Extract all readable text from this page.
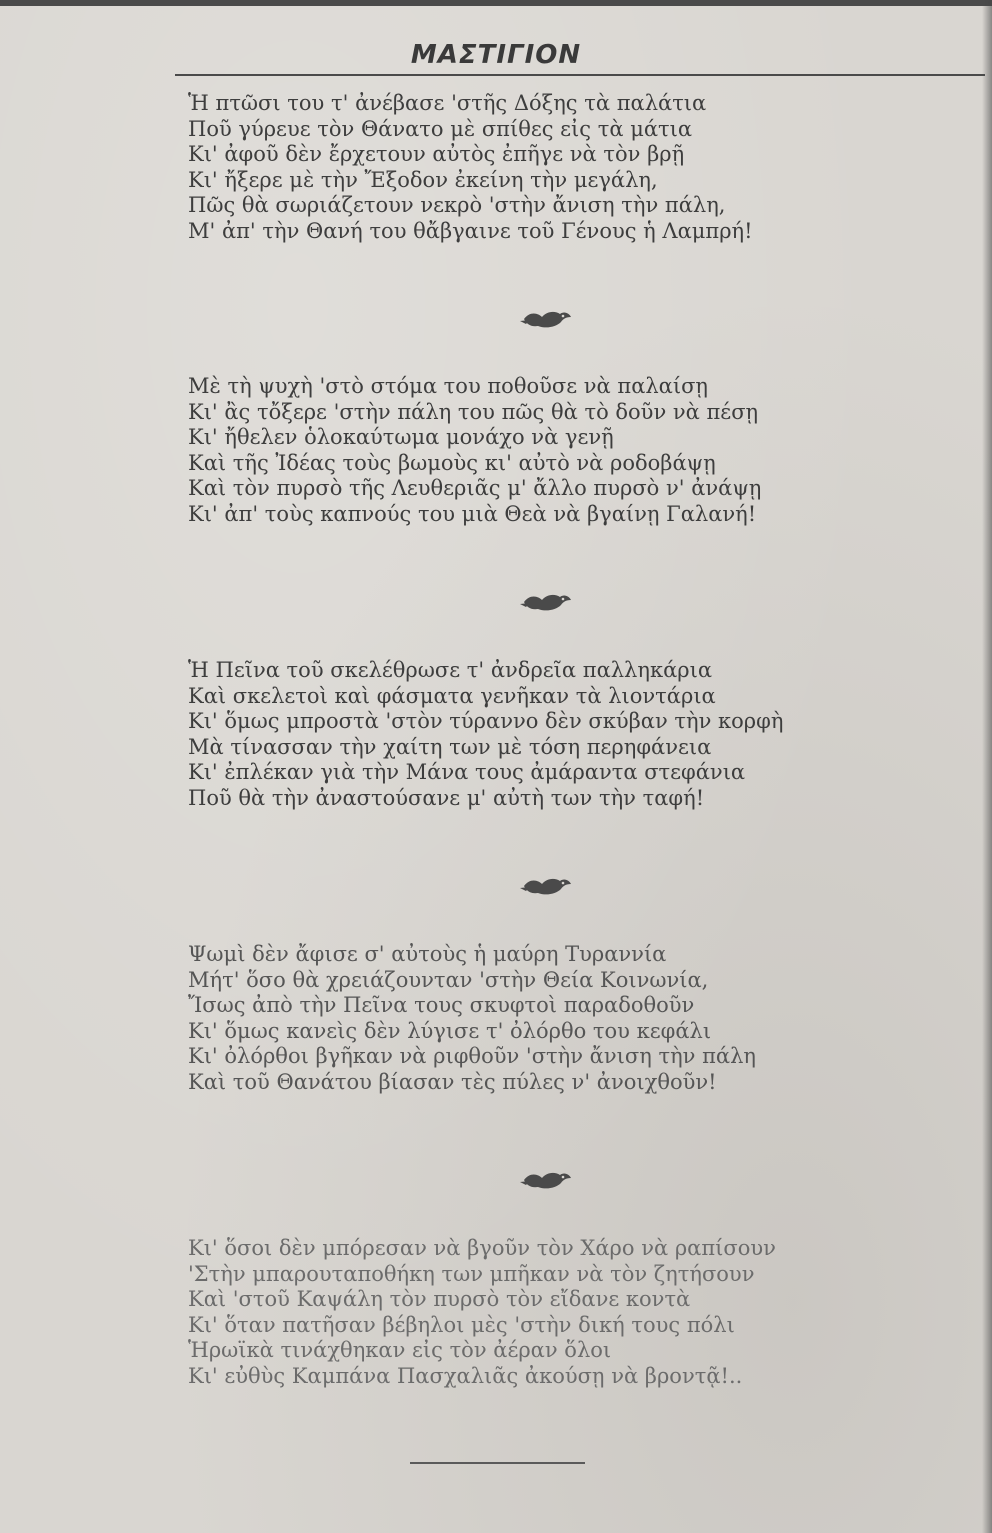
ΜΑΣΤΙΓΙΟΝ
Ἡ πτῶσι του τ' ἀνέβασε 'στῆς Δόξης τὰ παλάτια
Ποῦ γύρευε τὸν Θάνατο μὲ σπίθες εἰς τὰ μάτια
Κι' ἀφοῦ δὲν ἔρχετουν αὐτὸς ἐπῆγε νὰ τὸν βρῇ
Κι' ἤξερε μὲ τὴν Ἔξοδον ἐκείνη τὴν μεγάλη,
Πῶς θὰ σωριάζετουν νεκρὸ 'στὴν ἄνιση τὴν πάλη,
Μ' ἀπ' τὴν Θανή του θἄβγαινε τοῦ Γένους ἡ Λαμπρή!
Μὲ τὴ ψυχὴ 'στὸ στόμα του ποθοῦσε νὰ παλαίσῃ
Κι' ἂς τὄξερε 'στὴν πάλη του πῶς θὰ τὸ δοῦν νὰ πέσῃ
Κι' ἤθελεν ὁλοκαύτωμα μονάχο νὰ γενῇ
Καὶ τῆς Ἰδέας τοὺς βωμοὺς κι' αὐτὸ νὰ ροδοβάψῃ
Καὶ τὸν πυρσὸ τῆς Λευθεριᾶς μ' ἄλλο πυρσὸ ν' ἀνάψῃ
Κι' ἀπ' τοὺς καπνούς του μιὰ Θεὰ νὰ βγαίνῃ Γαλανή!
Ἡ Πεῖνα τοῦ σκελέθρωσε τ' ἀνδρεῖα παλληκάρια
Καὶ σκελετοὶ καὶ φάσματα γενῆκαν τὰ λιοντάρια
Κι' ὅμως μπροστὰ 'στὸν τύραννο δὲν σκύβαν τὴν κορφὴ
Μὰ τίνασσαν τὴν χαίτη των μὲ τόση περηφάνεια
Κι' ἐπλέκαν γιὰ τὴν Μάνα τους ἀμάραντα στεφάνια
Ποῦ θὰ τὴν ἀναστούσανε μ' αὐτὴ των τὴν ταφή!
Ψωμὶ δὲν ἄφισε σ' αὐτοὺς ἡ μαύρη Τυραννία
Μήτ' ὅσο θὰ χρειάζουνταν 'στὴν Θεία Κοινωνία,
Ἴσως ἀπὸ τὴν Πεῖνα τους σκυφτοὶ παραδοθοῦν
Κι' ὅμως κανεὶς δὲν λύγισε τ' ὀλόρθο του κεφάλι
Κι' ὀλόρθοι βγῆκαν νὰ ριφθοῦν 'στὴν ἄνιση τὴν πάλη
Καὶ τοῦ Θανάτου βίασαν τὲς πύλες ν' ἀνοιχθοῦν!
Κι' ὅσοι δὲν μπόρεσαν νὰ βγοῦν τὸν Χάρο νὰ ραπίσουν
'Στὴν μπαρουταποθήκη των μπῆκαν νὰ τὸν ζητήσουν
Καὶ 'στοῦ Καψάλη τὸν πυρσὸ τὸν εἴδανε κοντὰ
Κι' ὅταν πατῆσαν βέβηλοι μὲς 'στὴν δική τους πόλι
Ἡρωϊκὰ τινάχθηκαν εἰς τὸν ἀέραν ὅλοι
Κι' εὐθὺς Καμπάνα Πασχαλιᾶς ἀκούσῃ νὰ βροντᾷ!..
